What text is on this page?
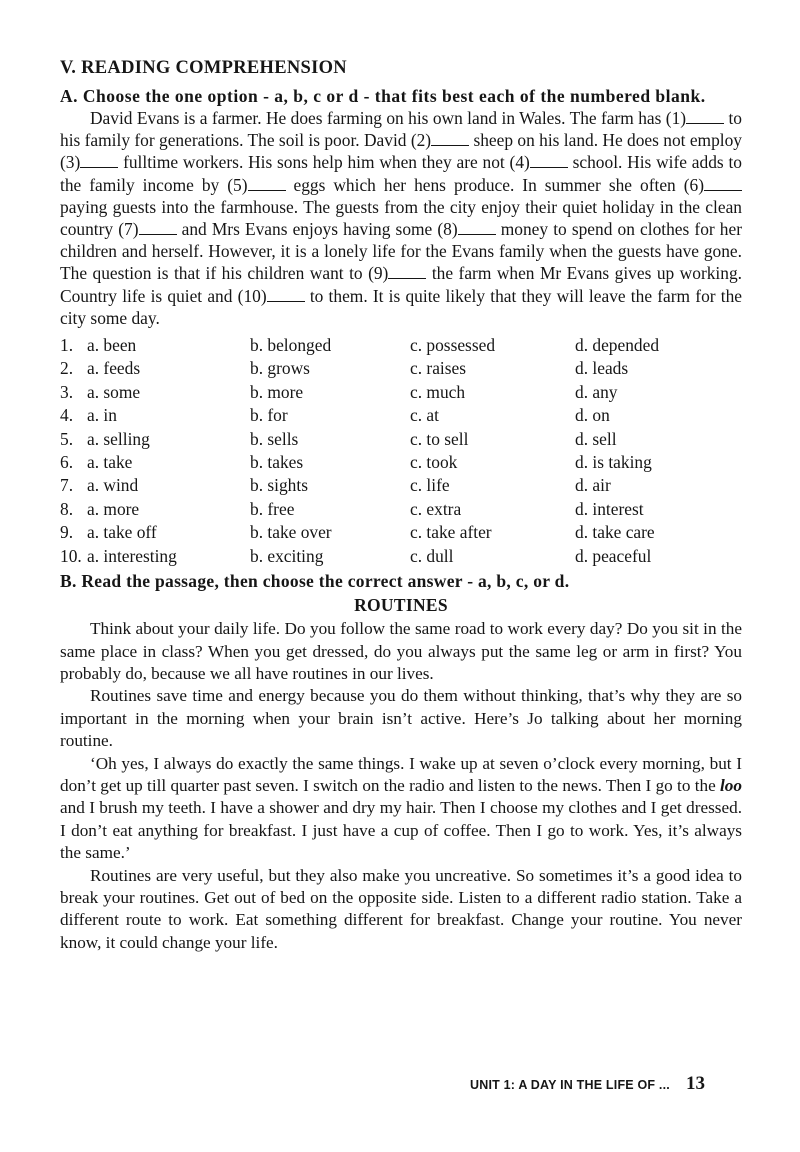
V. READING COMPREHENSION

A. Choose the one option - a, b, c or d - that fits best each of the numbered blank.

David Evans is a farmer. He does farming on his own land in Wales. The farm has (1) to his family for generations. The soil is poor. David (2) sheep on his land. He does not employ (3) fulltime workers. His sons help him when they are not (4) school. His wife adds to the family income by (5) eggs which her hens produce. In summer she often (6) paying guests into the farmhouse. The guests from the city enjoy their quiet holiday in the clean country (7) and Mrs Evans enjoys having some (8) money to spend on clothes for her children and herself. However, it is a lonely life for the Evans family when the guests have gone. The question is that if his children want to (9) the farm when Mr Evans gives up working. Country life is quiet and (10) to them. It is quite likely that they will leave the farm for the city some day.

1. a. been	b. belonged	c. possessed	d. depended
2. a. feeds	b. grows	c. raises	d. leads
3. a. some	b. more	c. much	d. any
4. a. in	b. for	c. at	d. on
5. a. selling	b. sells	c. to sell	d. sell
6. a. take	b. takes	c. took	d. is taking
7. a. wind	b. sights	c. life	d. air
8. a. more	b. free	c. extra	d. interest
9. a. take off	b. take over	c. take after	d. take care
10. a. interesting	b. exciting	c. dull	d. peaceful

B. Read the passage, then choose the correct answer - a, b, c, or d.

ROUTINES

Think about your daily life. Do you follow the same road to work every day? Do you sit in the same place in class? When you get dressed, do you always put the same leg or arm in first? You probably do, because we all have routines in our lives.

Routines save time and energy because you do them without thinking, that’s why they are so important in the morning when your brain isn’t active. Here’s Jo talking about her morning routine.

‘Oh yes, I always do exactly the same things. I wake up at seven o’clock every morning, but I don’t get up till quarter past seven. I switch on the radio and listen to the news. Then I go to the loo and I brush my teeth. I have a shower and dry my hair. Then I choose my clothes and I get dressed. I don’t eat anything for breakfast. I just have a cup of coffee. Then I go to work. Yes, it’s always the same.’

Routines are very useful, but they also make you uncreative. So sometimes it’s a good idea to break your routines. Get out of bed on the opposite side. Listen to a different radio station. Take a different route to work. Eat something different for breakfast. Change your routine. You never know, it could change your life.

UNIT 1: A DAY IN THE LIFE OF ... 13
